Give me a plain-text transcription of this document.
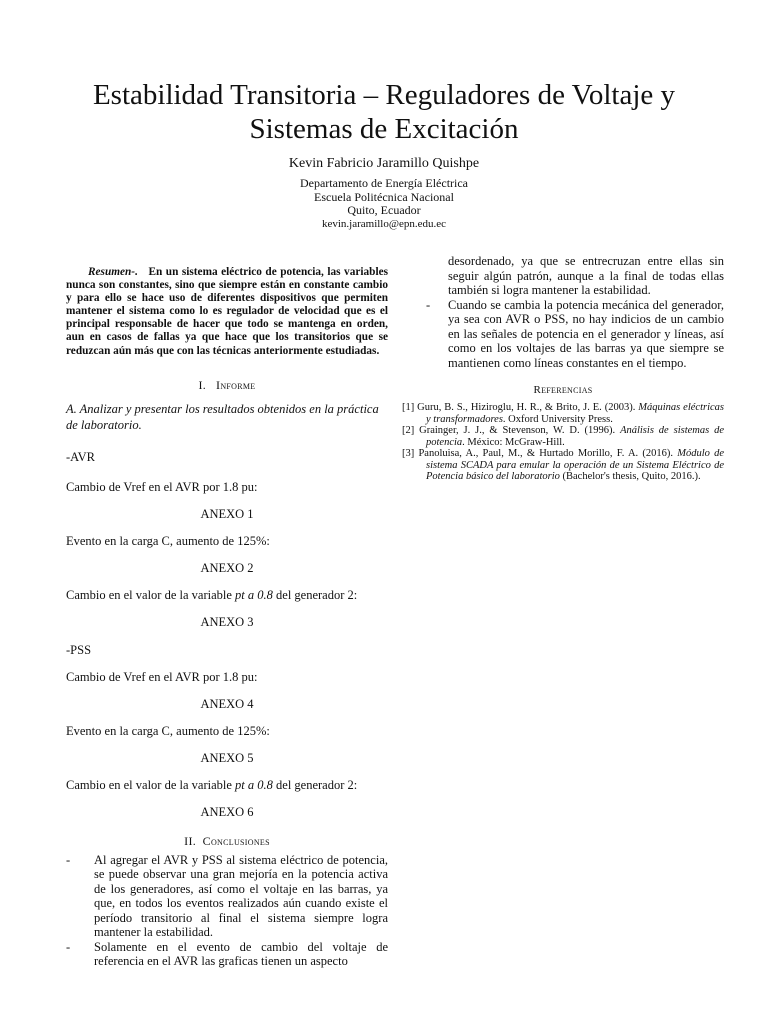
Estabilidad Transitoria – Reguladores de Voltaje y Sistemas de Excitación
Kevin Fabricio Jaramillo Quishpe
Departamento de Energía Eléctrica
Escuela Politécnica Nacional
Quito, Ecuador
kevin.jaramillo@epn.edu.ec

Resumen-. En un sistema eléctrico de potencia, las variables nunca son constantes, sino que siempre están en constante cambio y para ello se hace uso de diferentes dispositivos que permiten mantener el sistema como lo es regulador de velocidad que es el principal responsable de hacer que todo se mantenga en orden, aun en casos de fallas ya que hace que los transitorios que se reduzcan aún más que con las técnicas anteriormente estudiadas.

I. Informe

A. Analizar y presentar los resultados obtenidos en la práctica de laboratorio.

-AVR

Cambio de Vref en el AVR por 1.8 pu:

ANEXO 1

Evento en la carga C, aumento de 125%:

ANEXO 2

Cambio en el valor de la variable pt a 0.8 del generador 2:

ANEXO 3

-PSS

Cambio de Vref en el AVR por 1.8 pu:

ANEXO 4

Evento en la carga C, aumento de 125%:

ANEXO 5

Cambio en el valor de la variable pt a 0.8 del generador 2:

ANEXO 6

II. Conclusiones
- Al agregar el AVR y PSS al sistema eléctrico de potencia, se puede observar una gran mejoría en la potencia activa de los generadores, así como el voltaje en las barras, ya que, en todos los eventos realizados aún cuando existe el período transitorio al final el sistema siempre logra mantener la estabilidad.
- Solamente en el evento de cambio del voltaje de referencia en el AVR las graficas tienen un aspecto

desordenado, ya que se entrecruzan entre ellas sin seguir algún patrón, aunque a la final de todas ellas también si logra mantener la estabilidad.

- Cuando se cambia la potencia mecánica del generador, ya sea con AVR o PSS, no hay indicios de un cambio en las señales de potencia en el generador y líneas, así como en los voltajes de las barras ya que siempre se mantienen como líneas constantes en el tiempo.
Referencias
[1] Guru, B. S., Hiziroglu, H. R., & Brito, J. E. (2003). Máquinas eléctricas y transformadores. Oxford University Press.
[2] Grainger, J. J., & Stevenson, W. D. (1996). Análisis de sistemas de potencia. México: McGraw-Hill.
[3] Panoluisa, A., Paul, M., & Hurtado Morillo, F. A. (2016). Módulo de sistema SCADA para emular la operación de un Sistema Eléctrico de Potencia básico del laboratorio (Bachelor's thesis, Quito, 2016.).
